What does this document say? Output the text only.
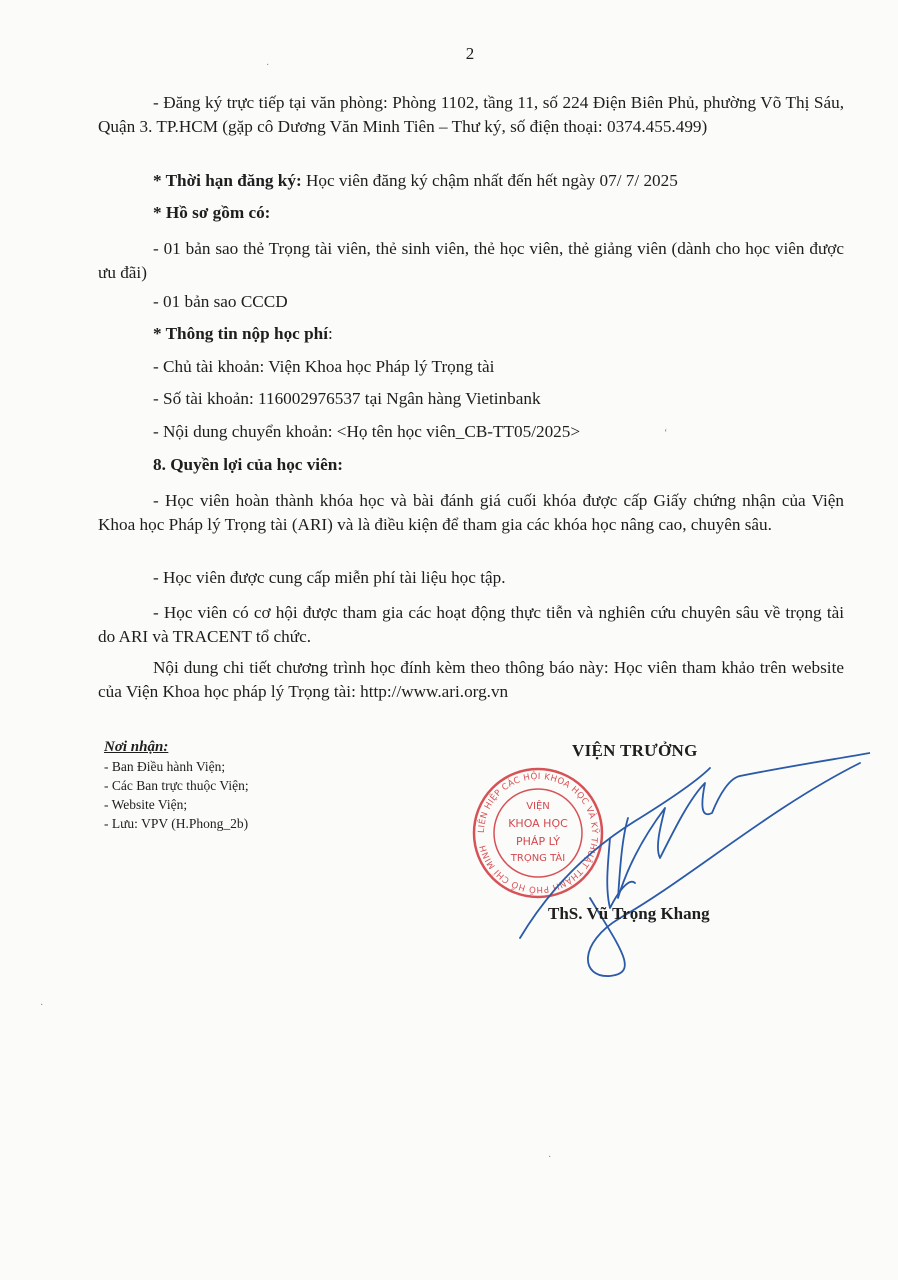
2

- Đăng ký trực tiếp tại văn phòng: Phòng 1102, tầng 11, số 224 Điện Biên Phủ, phường Võ Thị Sáu, Quận 3. TP.HCM (gặp cô Dương Văn Minh Tiên – Thư ký, số điện thoại: 0374.455.499)

* Thời hạn đăng ký: Học viên đăng ký chậm nhất đến hết ngày 07/ 7/ 2025

* Hồ sơ gồm có:

- 01 bản sao thẻ Trọng tài viên, thẻ sinh viên, thẻ học viên, thẻ giảng viên (dành cho học viên được ưu đãi)

- 01 bản sao CCCD

* Thông tin nộp học phí:

- Chủ tài khoản: Viện Khoa học Pháp lý Trọng tài

- Số tài khoản: 116002976537 tại Ngân hàng Vietinbank

- Nội dung chuyển khoản: <Họ tên học viên_CB-TT05/2025>

8. Quyền lợi của học viên:

- Học viên hoàn thành khóa học và bài đánh giá cuối khóa được cấp Giấy chứng nhận của Viện Khoa học Pháp lý Trọng tài (ARI) và là điều kiện để tham gia các khóa học nâng cao, chuyên sâu.

- Học viên được cung cấp miễn phí tài liệu học tập.

- Học viên có cơ hội được tham gia các hoạt động thực tiễn và nghiên cứu chuyên sâu về trọng tài do ARI và TRACENT tổ chức.

Nội dung chi tiết chương trình học đính kèm theo thông báo này: Học viên tham khảo trên website của Viện Khoa học pháp lý Trọng tài: http://www.ari.org.vn

Nơi nhận:
- Ban Điều hành Viện;
- Các Ban trực thuộc Viện;
- Website Viện;
- Lưu: VPV (H.Phong_2b)
VIỆN TRƯỞNG
LIÊN HIỆP CÁC HỘI KHOA HỌC VÀ KỸ THUẬT THÀNH PHỐ HỒ CHÍ MINH
VIỆN
KHOA HỌC
PHÁP LÝ
TRỌNG TÀI
ThS. Vũ Trọng Khang
·
‘
·
·
